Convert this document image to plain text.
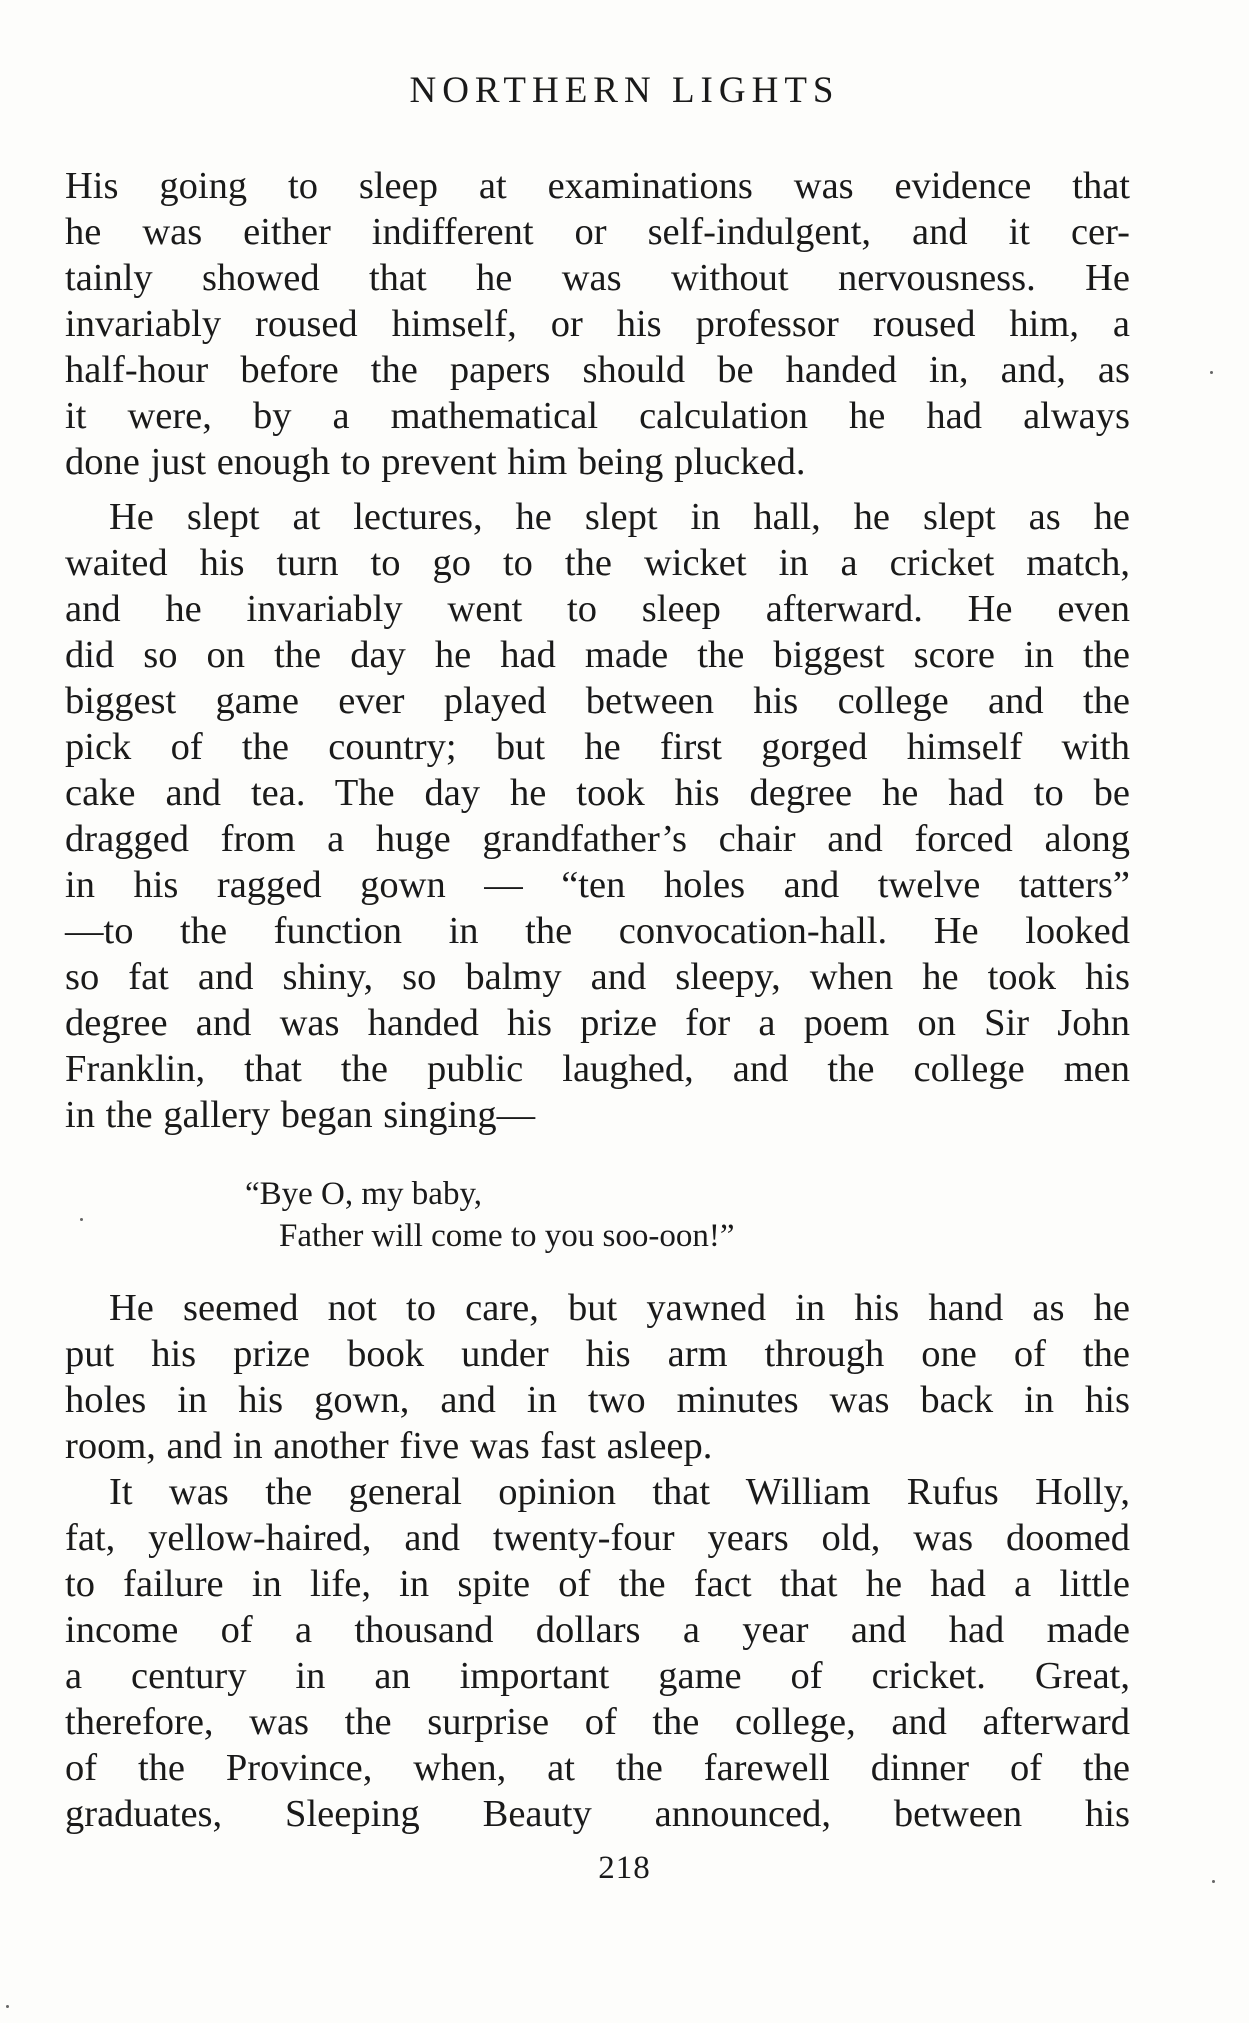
NORTHERN LIGHTS
His going to sleep at examinations was evidence that
he was either indifferent or self-indulgent, and it cer-
tainly showed that he was without nervousness. He
invariably roused himself, or his professor roused him, a
half-hour before the papers should be handed in, and, as
it were, by a mathematical calculation he had always
done just enough to prevent him being plucked.
He slept at lectures, he slept in hall, he slept as he
waited his turn to go to the wicket in a cricket match,
and he invariably went to sleep afterward. He even
did so on the day he had made the biggest score in the
biggest game ever played between his college and the
pick of the country; but he first gorged himself with
cake and tea. The day he took his degree he had to be
dragged from a huge grandfather’s chair and forced along
in his ragged gown — “ten holes and twelve tatters”
—to the function in the convocation-hall. He looked
so fat and shiny, so balmy and sleepy, when he took his
degree and was handed his prize for a poem on Sir John
Franklin, that the public laughed, and the college men
in the gallery began singing—
“Bye O, my baby,
Father will come to you soo-oon!”
He seemed not to care, but yawned in his hand as he
put his prize book under his arm through one of the
holes in his gown, and in two minutes was back in his
room, and in another five was fast asleep.
It was the general opinion that William Rufus Holly,
fat, yellow-haired, and twenty-four years old, was doomed
to failure in life, in spite of the fact that he had a little
income of a thousand dollars a year and had made
a century in an important game of cricket. Great,
therefore, was the surprise of the college, and afterward
of the Province, when, at the farewell dinner of the
graduates, Sleeping Beauty announced, between his
218
